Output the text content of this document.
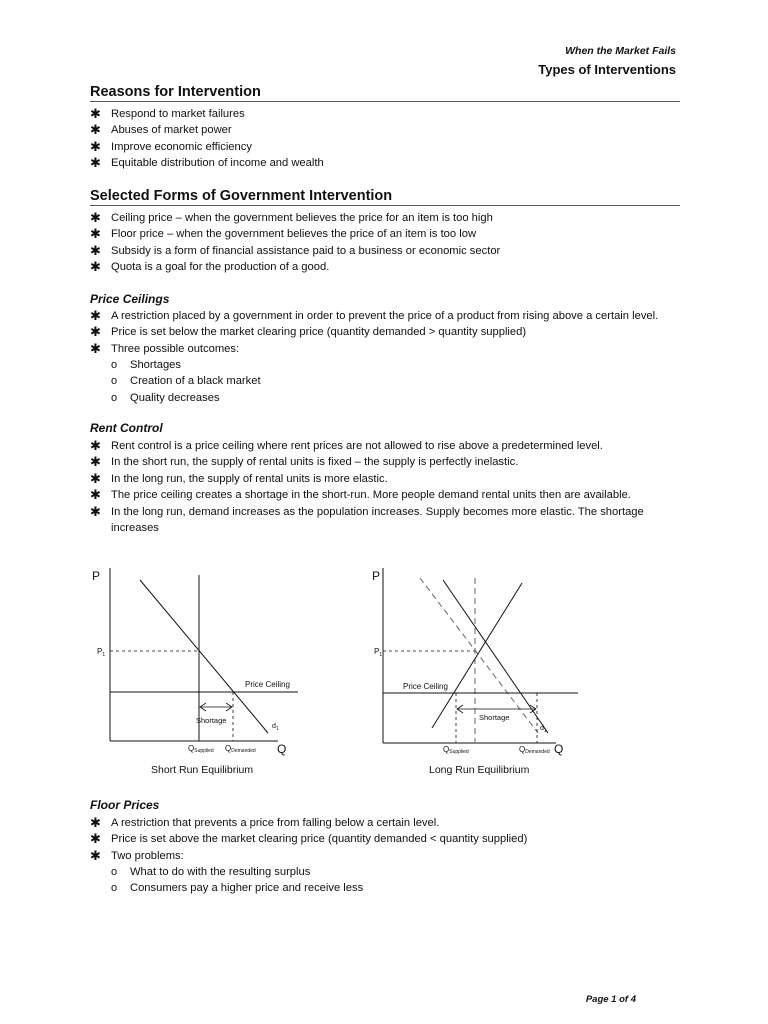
When the Market Fails
Types of Interventions
Reasons for Intervention
✱ Respond to market failures
✱ Abuses of market power
✱ Improve economic efficiency
✱ Equitable distribution of income and wealth
Selected Forms of Government Intervention
✱ Ceiling price – when the government believes the price for an item is too high
✱ Floor price – when the government believes the price of an item is too low
✱ Subsidy is a form of financial assistance paid to a business or economic sector
✱ Quota is a goal for the production of a good.
Price Ceilings
✱ A restriction placed by a government in order to prevent the price of a product from rising above a certain level.
✱ Price is set below the market clearing price (quantity demanded > quantity supplied)
✱ Three possible outcomes:
o Shortages
o Creation of a black market
o Quality decreases
Rent Control
✱ Rent control is a price ceiling where rent prices are not allowed to rise above a predetermined level.
✱ In the short run, the supply of rental units is fixed – the supply is perfectly inelastic.
✱ In the long run, the supply of rental units is more elastic.
✱ The price ceiling creates a shortage in the short-run. More people demand rental units then are available.
✱ In the long run, demand increases as the population increases. Supply becomes more elastic. The shortage increases
P
$P_1$
Price Ceiling
Shortage
$d_1$
QSupplied QDemanded Q
Short Run Equilibrium
P
$P_1$
Price Ceiling
Shortage
$d_1$
QSupplied	QDemanded Q
Long Run Equilibrium
Floor Prices
✱ A restriction that prevents a price from falling below a certain level.
✱ Price is set above the market clearing price (quantity demanded < quantity supplied)
✱ Two problems:
o What to do with the resulting surplus
o Consumers pay a higher price and receive less
Page 1 of 4
